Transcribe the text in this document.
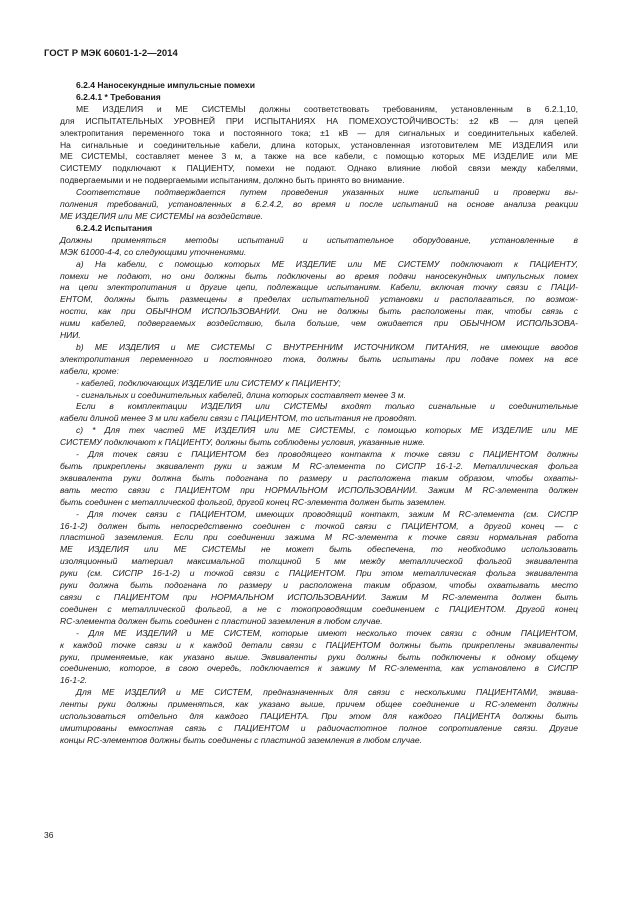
ГОСТ Р МЭК 60601-1-2—2014
6.2.4 Наносекундные импульсные помехи
6.2.4.1 * Требования
МЕ ИЗДЕЛИЯ и МЕ СИСТЕМЫ должны соответствовать требованиям, установленным в 6.2.1,10,
для ИСПЫТАТЕЛЬНЫХ УРОВНЕЙ ПРИ ИСПЫТАНИЯХ НА ПОМЕХОУСТОЙЧИВОСТЬ: ±2 кВ — для цепей
электропитания переменного тока и постоянного тока; ±1 кВ — для сигнальных и соединительных кабелей.
На сигнальные и соединительные кабели, длина которых, установленная изготовителем МЕ ИЗДЕЛИЯ или
МЕ СИСТЕМЫ, составляет менее 3 м, а также на все кабели, с помощью которых МЕ ИЗДЕЛИЕ или МЕ
СИСТЕМУ подключают к ПАЦИЕНТУ, помехи не подают. Однако влияние любой связи между кабелями,
подвергаемыми и не подвергаемыми испытаниям, должно быть принято во внимание.
Соответствие подтверждается путем проведения указанных ниже испытаний и проверки вы-
полнения требований, установленных в 6.2.4.2, во время и после испытаний на основе анализа реакции
МЕ ИЗДЕЛИЯ или МЕ СИСТЕМЫ на воздействие.
6.2.4.2 Испытания
Должны применяться методы испытаний и испытательное оборудование, установленные в
МЭК 61000-4-4, со следующими уточнениями.
а) На кабели, с помощью которых МЕ ИЗДЕЛИЕ или МЕ СИСТЕМУ подключают к ПАЦИЕНТУ,
помехи не подают, но они должны быть подключены во время подачи наносекундных импульсных помех
на цепи электропитания и другие цепи, подлежащие испытаниям. Кабели, включая точку связи с ПАЦИ-
ЕНТОМ, должны быть размещены в пределах испытательной установки и располагаться, по возмож-
ности, как при ОБЫЧНОМ ИСПОЛЬЗОВАНИИ. Они не должны быть расположены так, чтобы связь с
ними кабелей, подвергаемых воздействию, была больше, чем ожидается при ОБЫЧНОМ ИСПОЛЬЗОВА-
НИИ.
b) МЕ ИЗДЕЛИЯ и МЕ СИСТЕМЫ С ВНУТРЕННИМ ИСТОЧНИКОМ ПИТАНИЯ, не имеющие вводов
электропитания переменного и постоянного тока, должны быть испытаны при подаче помех на все
кабели, кроме:
- кабелей, подключающих ИЗДЕЛИЕ или СИСТЕМУ к ПАЦИЕНТУ;
- сигнальных и соединительных кабелей, длина которых составляет менее 3 м.
Если в комплектации ИЗДЕЛИЯ или СИСТЕМЫ входят только сигнальные и соединительные
кабели длиной менее 3 м или кабели связи с ПАЦИЕНТОМ, то испытания не проводят.
с) * Для тех частей МЕ ИЗДЕЛИЯ или МЕ СИСТЕМЫ, с помощью которых МЕ ИЗДЕЛИЕ или МЕ
СИСТЕМУ подключают к ПАЦИЕНТУ, должны быть соблюдены условия, указанные ниже.
- Для точек связи с ПАЦИЕНТОМ без проводящего контакта к точке связи с ПАЦИЕНТОМ должны
быть прикреплены эквивалент руки и зажим М RC-элемента по СИСПР 16-1-2. Металлическая фольга
эквивалента руки должна быть подогнана по размеру и расположена таким образом, чтобы охваты-
вать место связи с ПАЦИЕНТОМ при НОРМАЛЬНОМ ИСПОЛЬЗОВАНИИ. Зажим М RC-элемента должен
быть соединен с металлической фольгой, другой конец RC-элемента должен быть заземлен.
- Для точек связи с ПАЦИЕНТОМ, имеющих проводящий контакт, зажим М RC-элемента (см. СИСПР
16-1-2) должен быть непосредственно соединен с точкой связи с ПАЦИЕНТОМ, а другой конец — с
пластиной заземления. Если при соединении зажима М RC-элемента к точке связи нормальная работа
МЕ ИЗДЕЛИЯ или МЕ СИСТЕМЫ не может быть обеспечена, то необходимо использовать
изоляционный материал максимальной толщиной 5 мм между металлической фольгой эквивалента
руки (см. СИСПР 16-1-2) и точкой связи с ПАЦИЕНТОМ. При этом металлическая фольга эквивалента
руки должна быть подогнана по размеру и расположена таким образом, чтобы охватывать место
связи с ПАЦИЕНТОМ при НОРМАЛЬНОМ ИСПОЛЬЗОВАНИИ. Зажим М RC-элемента должен быть
соединен с металлической фольгой, а не с токопроводящим соединением с ПАЦИЕНТОМ. Другой конец
RC-элемента должен быть соединен с пластиной заземления в любом случае.
- Для МЕ ИЗДЕЛИЙ и МЕ СИСТЕМ, которые имеют несколько точек связи с одним ПАЦИЕНТОМ,
к каждой точке связи и к каждой детали связи с ПАЦИЕНТОМ должны быть прикреплены эквиваленты
руки, применяемые, как указано выше. Эквиваленты руки должны быть подключены к одному общему
соединению, которое, в свою очередь, подключается к зажиму М RC-элемента, как установлено в СИСПР
16-1-2.
Для МЕ ИЗДЕЛИЙ и МЕ СИСТЕМ, предназначенных для связи с несколькими ПАЦИЕНТАМИ, эквива-
ленты руки должны применяться, как указано выше, причем общее соединение и RC-элемент должны
использоваться отдельно для каждого ПАЦИЕНТА. При этом для каждого ПАЦИЕНТА должны быть
имитированы емкостная связь с ПАЦИЕНТОМ и радиочастотное полное сопротивление связи. Другие
концы RC-элементов должны быть соединены с пластиной заземления в любом случае.
36
